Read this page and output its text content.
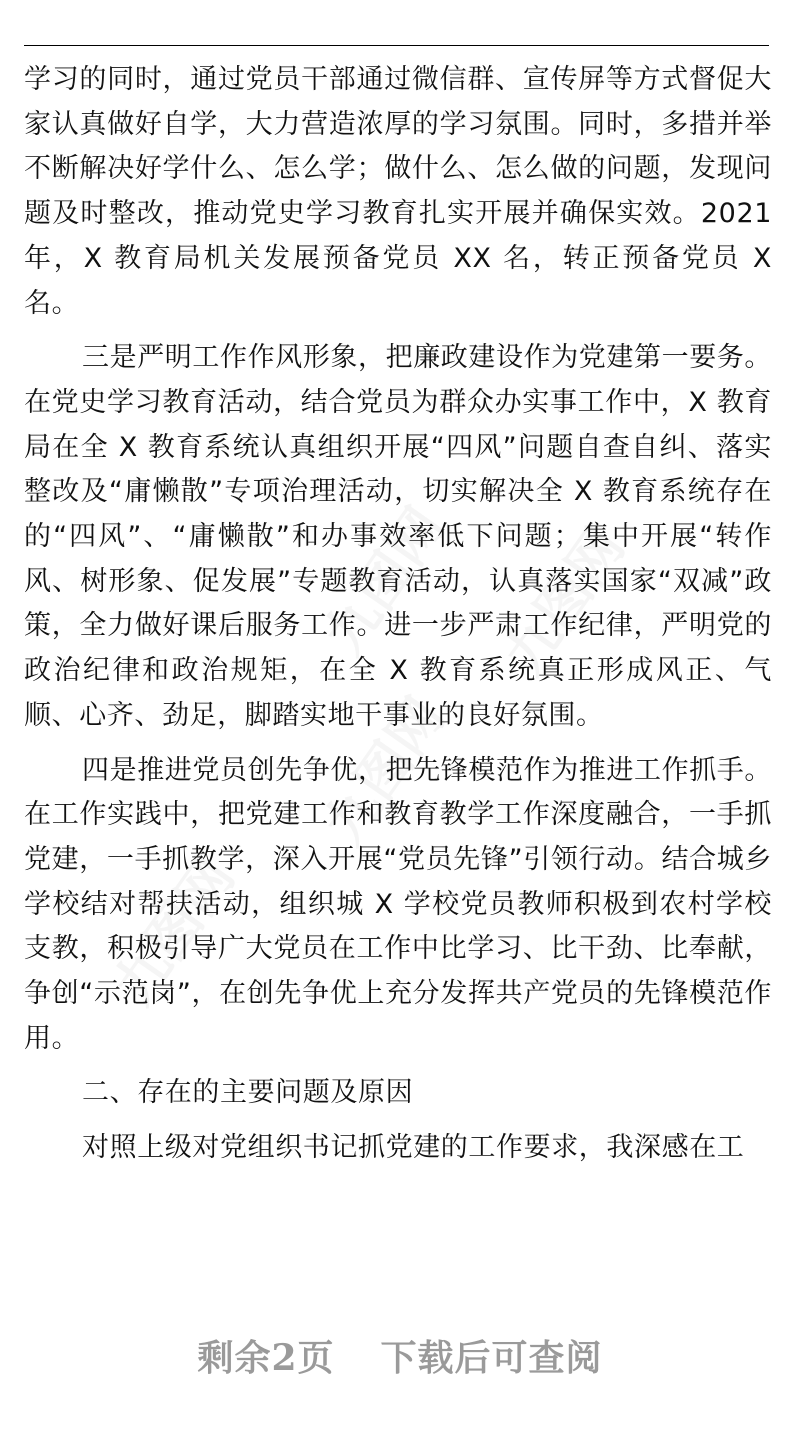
九图网 九图网
九图网
九图网

学习的同时，通过党员干部通过微信群、宣传屏等方式督促大家认真做好自学，大力营造浓厚的学习氛围。同时，多措并举不断解决好学什么、怎么学；做什么、怎么做的问题，发现问题及时整改，推动党史学习教育扎实开展并确保实效。2021 年，X 教育局机关发展预备党员 XX 名，转正预备党员 X 名。

三是严明工作作风形象，把廉政建设作为党建第一要务。在党史学习教育活动，结合党员为群众办实事工作中，X 教育局在全 X 教育系统认真组织开展“四风”问题自查自纠、落实整改及“庸懒散”专项治理活动，切实解决全 X 教育系统存在的“四风”、“庸懒散”和办事效率低下问题；集中开展“转作风、树形象、促发展”专题教育活动，认真落实国家“双减”政策，全力做好课后服务工作。进一步严肃工作纪律，严明党的政治纪律和政治规矩，在全 X 教育系统真正形成风正、气顺、心齐、劲足，脚踏实地干事业的良好氛围。

四是推进党员创先争优，把先锋模范作为推进工作抓手。在工作实践中，把党建工作和教育教学工作深度融合，一手抓党建，一手抓教学，深入开展“党员先锋”引领行动。结合城乡学校结对帮扶活动，组织城 X 学校党员教师积极到农村学校支教，积极引导广大党员在工作中比学习、比干劲、比奉献，争创“示范岗”，在创先争优上充分发挥共产党员的先锋模范作用。

二、存在的主要问题及原因

对照上级对党组织书记抓党建的工作要求，我深感在工

剩余2页 下载后可查阅
